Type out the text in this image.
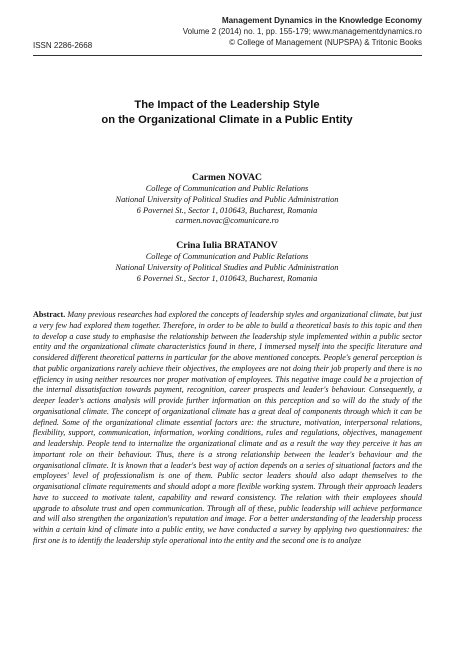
Management Dynamics in the Knowledge Economy
Volume 2 (2014) no. 1, pp. 155-179; www.managementdynamics.ro
© College of Management (NUPSPA) & Tritonic Books
ISSN 2286-2668
The Impact of the Leadership Style
on the Organizational Climate in a Public Entity
Carmen NOVAC
College of Communication and Public Relations
National University of Political Studies and Public Administration
6 Povernei St., Sector 1, 010643, Bucharest, Romania
carmen.novac@comunicare.ro
Crina Iulia BRATANOV
College of Communication and Public Relations
National University of Political Studies and Public Administration
6 Povernei St., Sector 1, 010643, Bucharest, Romania
Abstract. Many previous researches had explored the concepts of leadership styles and organizational climate, but just a very few had explored them together. Therefore, in order to be able to build a theoretical basis to this topic and then to develop a case study to emphasise the relationship between the leadership style implemented within a public sector entity and the organizational climate characteristics found in there, I immersed myself into the specific literature and considered different theoretical patterns in particular for the above mentioned concepts. People's general perception is that public organizations rarely achieve their objectives, the employees are not doing their job properly and there is no efficiency in using neither resources nor proper motivation of employees. This negative image could be a projection of the internal dissatisfaction towards payment, recognition, career prospects and leader's behaviour. Consequently, a deeper leader's actions analysis will provide further information on this perception and so will do the study of the organisational climate. The concept of organizational climate has a great deal of components through which it can be defined. Some of the organizational climate essential factors are: the structure, motivation, interpersonal relations, flexibility, support, communication, information, working conditions, rules and regulations, objectives, management and leadership. People tend to internalize the organizational climate and as a result the way they perceive it has an important role on their behaviour. Thus, there is a strong relationship between the leader's behaviour and the organisational climate. It is known that a leader's best way of action depends on a series of situational factors and the employees' level of professionalism is one of them. Public sector leaders should also adapt themselves to the organisational climate requirements and should adopt a more flexible working system. Through their approach leaders have to succeed to motivate talent, capability and reward consistency. The relation with their employees should upgrade to absolute trust and open communication. Through all of these, public leadership will achieve performance and will also strengthen the organization's reputation and image. For a better understanding of the leadership process within a certain kind of climate into a public entity, we have conducted a survey by applying two questionnaires: the first one is to identify the leadership style operational into the entity and the second one is to analyze
